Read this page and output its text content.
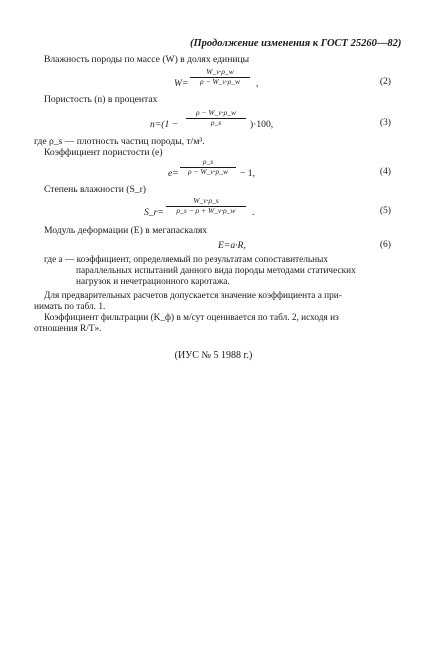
(Продолжение изменения к ГОСТ 25260—82)
Влажность породы по массе (W) в долях единицы
W=
W_v·ρ_w
ρ − W_v·ρ_w	,	(2)
Пористость (n) в процентах
n=(1 −
ρ − W_v·ρ_w
ρ_s	)·100,	(3)
где ρ_s — плотность частиц породы, т/м³.
Коэффициент пористости (e)
e=
ρ_s
ρ − W_v·ρ_w	− 1,	(4)
Степень влажности (S_r)
S_r=
W_v·ρ_s
ρ_s − ρ + W_v·ρ_w	.	(5)
Модуль деформации (E) в мегапаскалях
E=a·R,	(6)
где a — коэффициент, определяемый по результатам сопоставительных
параллельных испытаний данного вида породы методами статических
нагрузок и нечетрационного каротажа.
Для предварительных расчетов допускается значение коэффициента a при-
нимать по табл. 1.
Коэффициент фильтрации (K_ф) в м/сут оценивается по табл. 2, исходя из
отношения R/T».
(ИУС № 5 1988 г.)
